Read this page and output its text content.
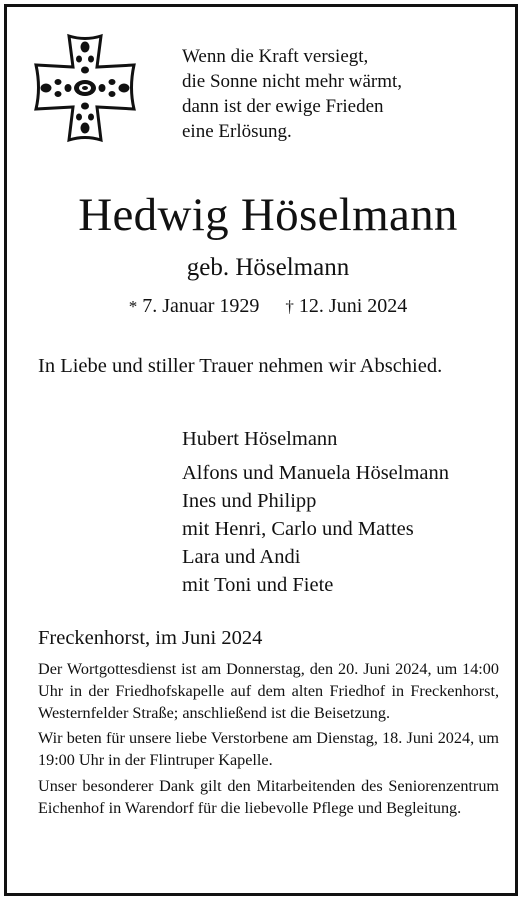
Wenn die Kraft versiegt,
die Sonne nicht mehr wärmt,
dann ist der ewige Frieden
eine Erlösung.
Hedwig Höselmann
geb. Höselmann
* 7. Januar 1929 † 12. Juni 2024
In Liebe und stiller Trauer nehmen wir Abschied.
Hubert Höselmann
Alfons und Manuela Höselmann
Ines und Philipp
mit Henri, Carlo und Mattes
Lara und Andi
mit Toni und Fiete
Freckenhorst, im Juni 2024

Der Wortgottesdienst ist am Donnerstag, den 20. Juni 2024, um 14:00 Uhr in der Friedhofskapelle auf dem alten Friedhof in Freckenhorst, Westernfelder Straße; anschließend ist die Beisetzung.

Wir beten für unsere liebe Verstorbene am Dienstag, 18. Juni 2024, um 19:00 Uhr in der Flintruper Kapelle.

Unser besonderer Dank gilt den Mitarbeitenden des Seniorenzentrum Eichenhof in Warendorf für die liebevolle Pflege und Begleitung.
